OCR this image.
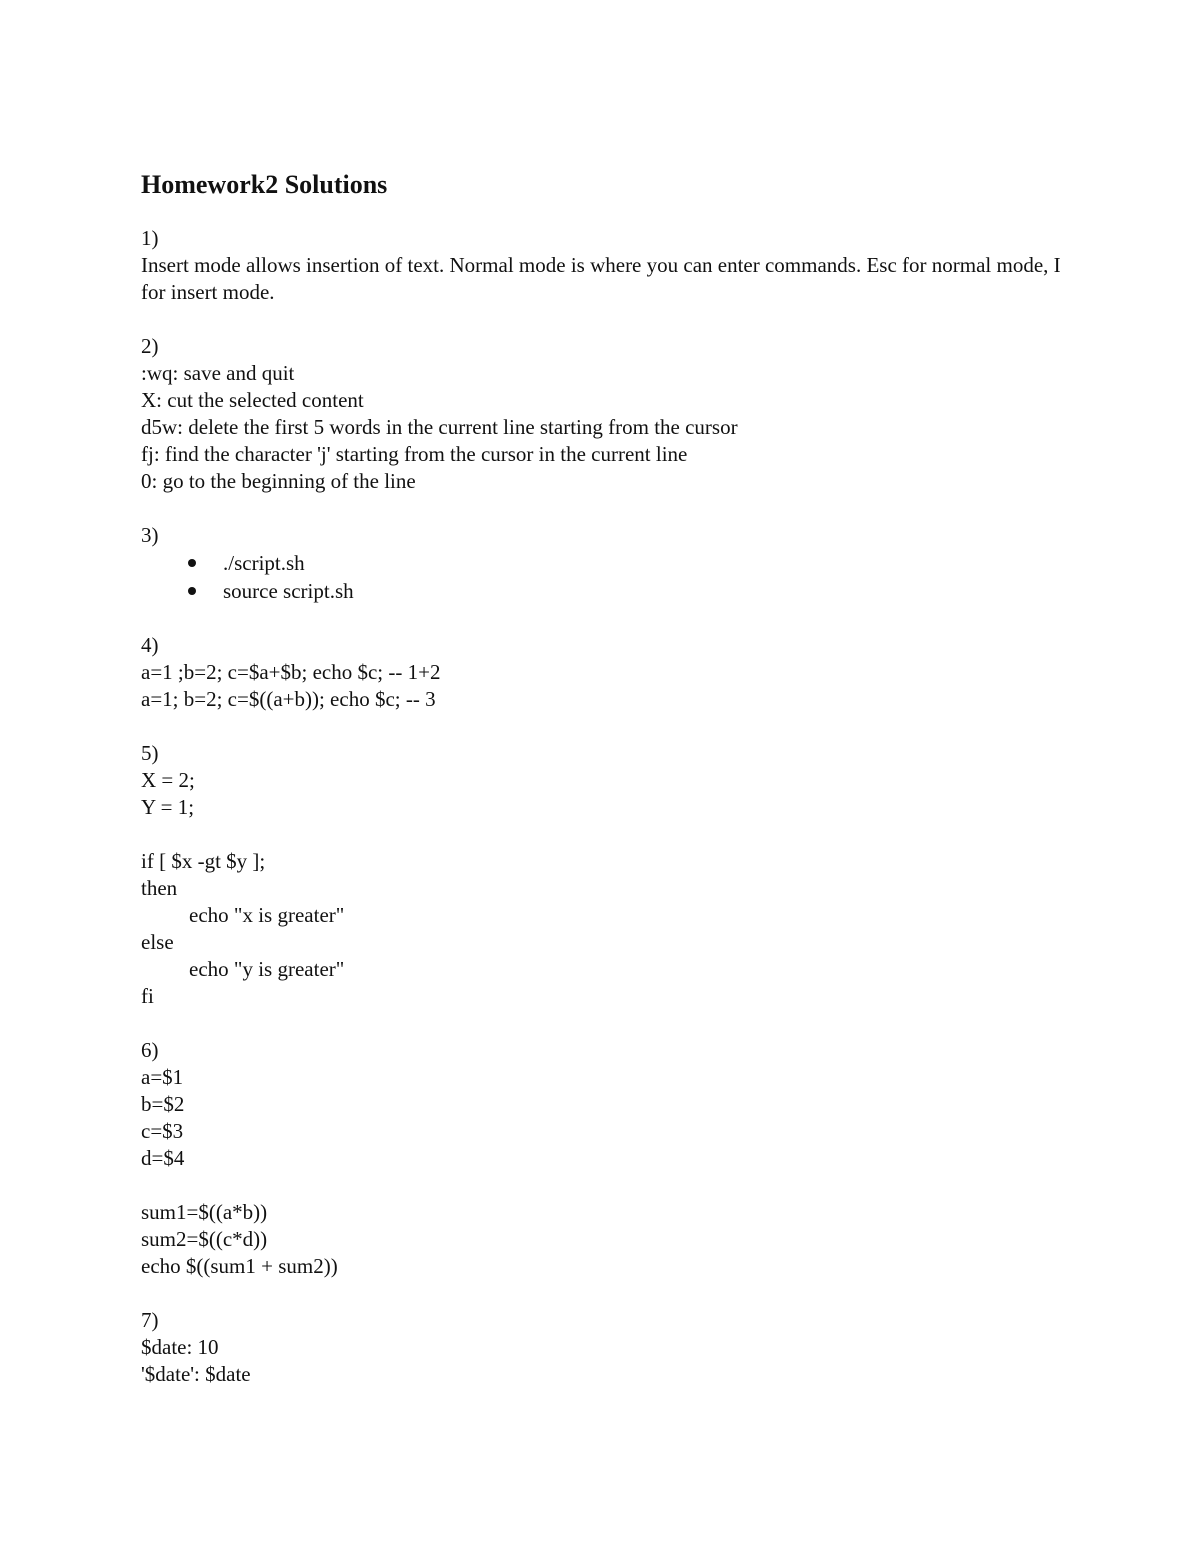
Homework2 Solutions
1)
Insert mode allows insertion of text. Normal mode is where you can enter commands. Esc for normal mode, I for insert mode.
2)
:wq: save and quit
X: cut the selected content
d5w: delete the first 5 words in the current line starting from the cursor
fj: find the character 'j' starting from the cursor in the current line
0: go to the beginning of the line
3)
./script.sh
source script.sh
4)
a=1 ;b=2; c=$a+$b; echo $c; -- 1+2
a=1; b=2; c=$((a+b)); echo $c; -- 3
5)
X = 2;
Y = 1;
if [ $x -gt $y ];
then
echo "x is greater"
else
echo "y is greater"
fi
6)
a=$1
b=$2
c=$3
d=$4
sum1=$((a*b))
sum2=$((c*d))
echo $((sum1 + sum2))
7)
$date: 10
'$date': $date
